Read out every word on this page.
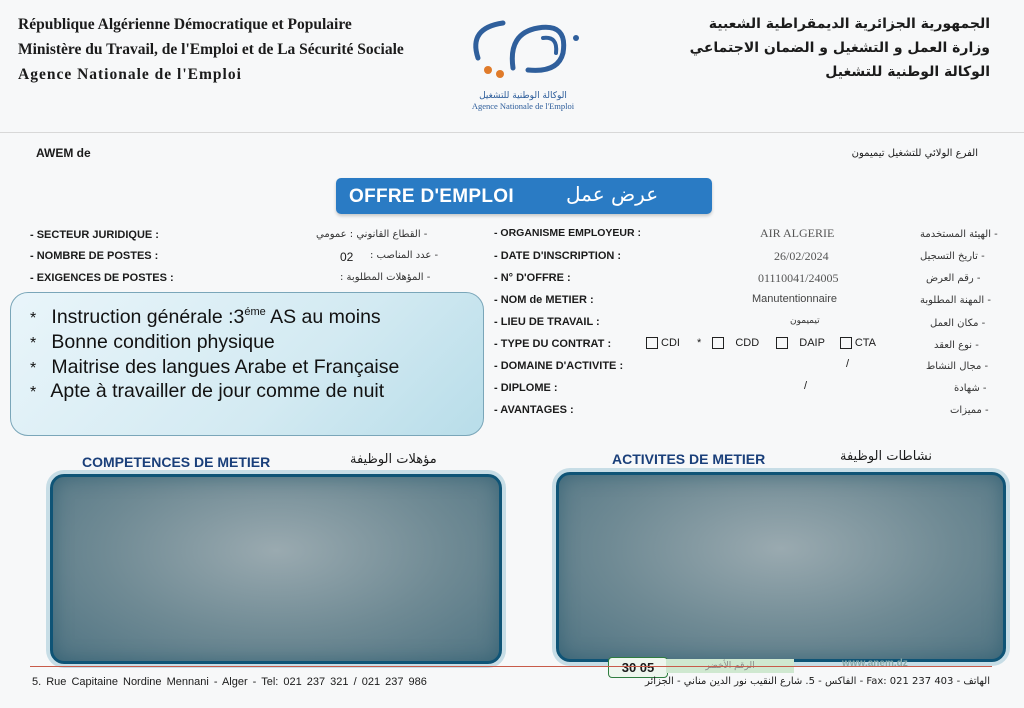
République Algérienne Démocratique et Populaire
Ministère du Travail, de l'Emploi et de La Sécurité Sociale
Agence Nationale de l'Emploi
الوكالة الوطنية للتشغيل
Agence Nationale de l'Emploi
الجمهورية الجزائرية الديمقراطية الشعبية
وزارة العمل و التشغيل و الضمان الاجتماعي
الوكالة الوطنية للتشغيل
AWEM de	الفرع الولائي للتشغيل تيميمون
OFFRE D'EMPLOI	عرض عمل
- SECTEUR JURIDIQUE :	- القطاع القانوني : عمومي
- NOMBRE DE POSTES :	02 - عدد المناصب :
- EXIGENCES DE POSTES :	- المؤهلات المطلوبة :
* Instruction générale $:3^{éme}$ AS au moins
* Bonne condition physique
* Maitrise des langues Arabe et Française
* Apte à travailler de jour comme de nuit
- ORGANISME EMPLOYEUR :	AIR ALGERIE	- الهيئة المستخدمة
- DATE D'INSCRIPTION :	26/02/2024	- تاريخ التسجيل
- N° D'OFFRE :	01110041/24005	- رقم العرض
- NOM de METIER :	Manutentionnaire	- المهنة المطلوبة
- LIEU DE TRAVAIL :	تيميمون	- مكان العمل
- TYPE DU CONTRAT :	CDI *	CDD	DAIP	CTA	- نوع العقد
- DOMAINE D'ACTIVITE :	/	- مجال النشاط
- DIPLOME :	/	- شهادة
- AVANTAGES :	- مميزات
COMPETENCES DE METIER	مؤهلات الوظيفة	ACTIVITES DE METIER	نشاطات الوظيفة
30 05	الرقم الأخضر	www.anem.dz
5. Rue Capitaine Nordine Mennani - Alger - Tel: 021 237 321 / 021 237 986	الهاتف - Fax: 021 237 403 - الفاكس - 5. شارع النقيب نور الدين مناني - الجزائر
